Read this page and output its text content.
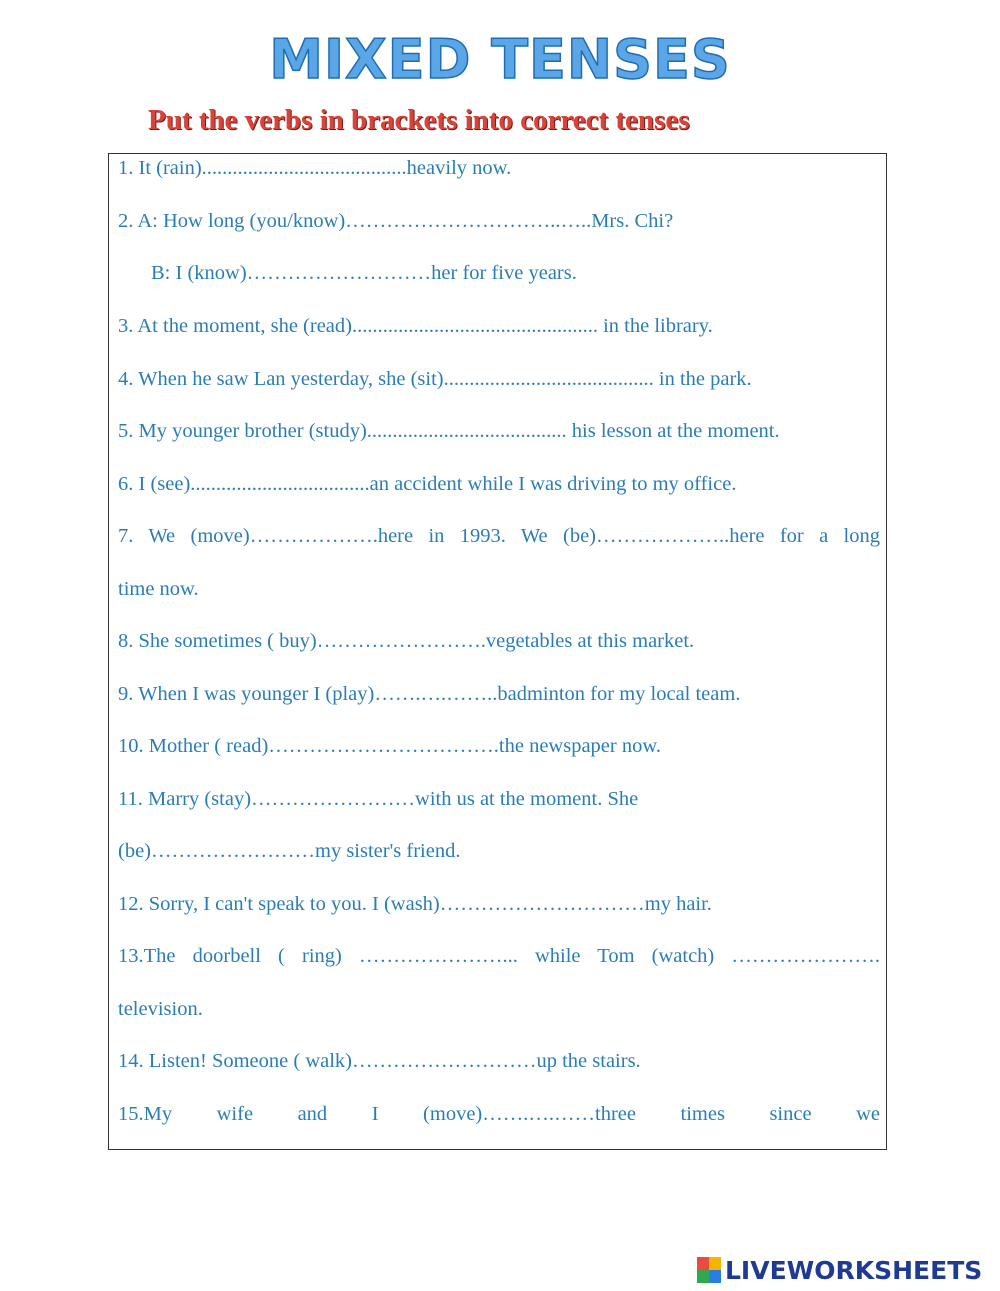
MIXED TENSES
Put the verbs in brackets into correct tenses
1. It (rain)........................................heavily now.
2. A: How long (you/know)…………………………..…..Mrs. Chi?
B: I (know)………………………her for five years.
3. At the moment, she (read)................................................ in the library.
4. When he saw Lan yesterday, she (sit)......................................... in the park.
5. My younger brother (study)....................................... his lesson at the moment.
6. I (see)...................................an accident while I was driving to my office.
7. We (move)……………….here in 1993. We (be)………………..here for a long
time now.
8. She sometimes ( buy)…………………….vegetables at this market.
9. When I was younger I (play)…….….……..badminton for my local team.
10. Mother ( read)…………………………….the newspaper now.
11. Marry (stay)……………………with us at the moment. She
(be)……………………my sister's friend.
12. Sorry, I can't speak to you. I (wash)…………………………my hair.
13.The doorbell ( ring) …………………... while Tom (watch) ………………….
television.
14. Listen! Someone ( walk)………………………up the stairs.
15.My wife and I (move)…….….……three times since we
LIVEWORKSHEETS
